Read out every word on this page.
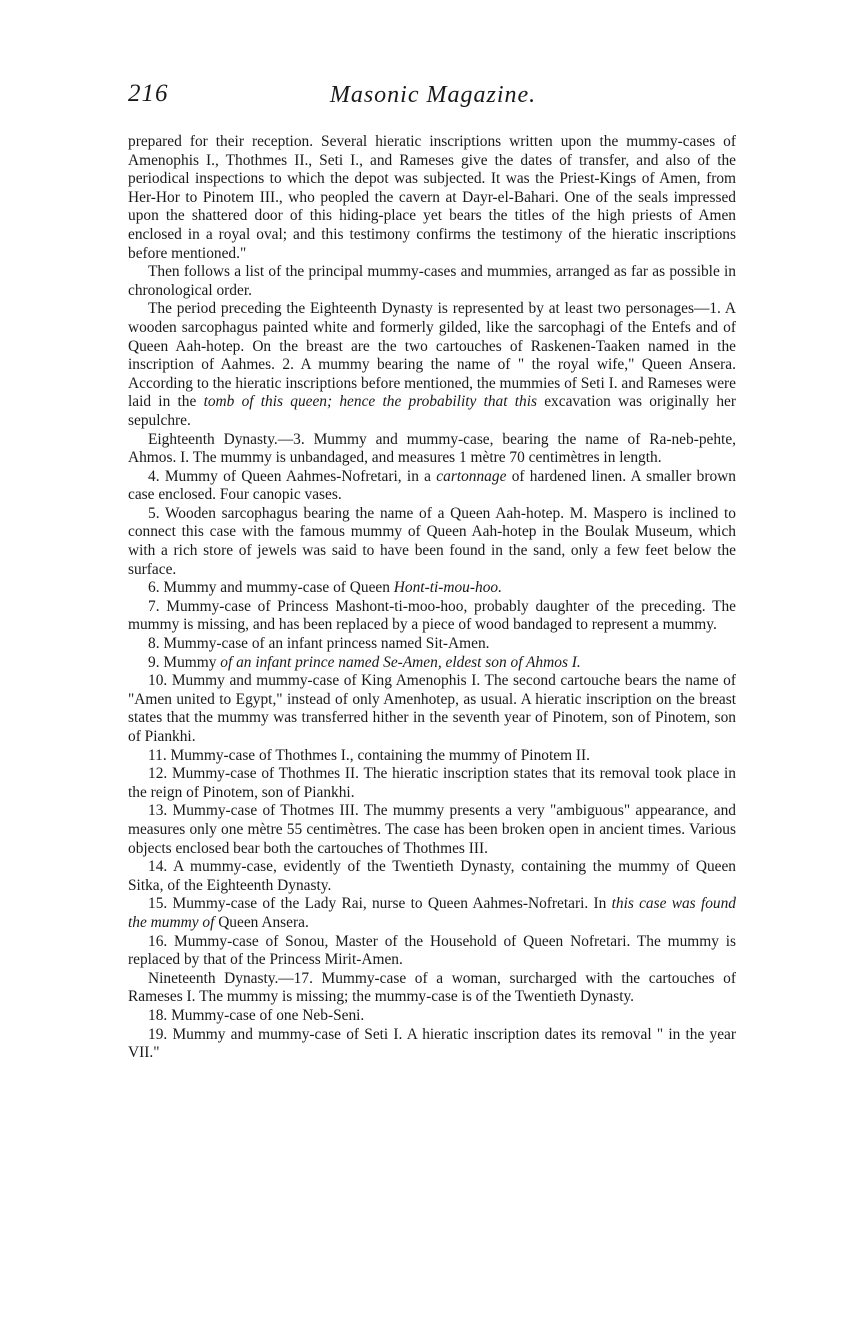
216	Masonic Magazine.

prepared for their reception. Several hieratic inscriptions written upon the mummy-cases of Amenophis I., Thothmes II., Seti I., and Rameses give the dates of transfer, and also of the periodical inspections to which the depot was subjected. It was the Priest-Kings of Amen, from Her-Hor to Pinotem III., who peopled the cavern at Dayr-el-Bahari. One of the seals impressed upon the shattered door of this hiding-place yet bears the titles of the high priests of Amen enclosed in a royal oval; and this testimony confirms the testimony of the hieratic inscriptions before mentioned."

Then follows a list of the principal mummy-cases and mummies, arranged as far as possible in chronological order.

The period preceding the Eighteenth Dynasty is represented by at least two personages—1. A wooden sarcophagus painted white and formerly gilded, like the sarcophagi of the Entefs and of Queen Aah-hotep. On the breast are the two cartouches of Raskenen-Taaken named in the inscription of Aahmes. 2. A mummy bearing the name of " the royal wife," Queen Ansera. According to the hieratic inscriptions before mentioned, the mummies of Seti I. and Rameses were laid in the tomb of this queen; hence the probability that this excavation was originally her sepulchre.

Eighteenth Dynasty.—3. Mummy and mummy-case, bearing the name of Ra-neb-pehte, Ahmos. I. The mummy is unbandaged, and measures 1 mètre 70 centimètres in length.

4. Mummy of Queen Aahmes-Nofretari, in a cartonnage of hardened linen. A smaller brown case enclosed. Four canopic vases.

5. Wooden sarcophagus bearing the name of a Queen Aah-hotep. M. Maspero is inclined to connect this case with the famous mummy of Queen Aah-hotep in the Boulak Museum, which with a rich store of jewels was said to have been found in the sand, only a few feet below the surface.

6. Mummy and mummy-case of Queen Hont-ti-mou-hoo.

7. Mummy-case of Princess Mashont-ti-moo-hoo, probably daughter of the preceding. The mummy is missing, and has been replaced by a piece of wood bandaged to represent a mummy.

8. Mummy-case of an infant princess named Sit-Amen.

9. Mummy of an infant prince named Se-Amen, eldest son of Ahmos I.

10. Mummy and mummy-case of King Amenophis I. The second cartouche bears the name of "Amen united to Egypt," instead of only Amenhotep, as usual. A hieratic inscription on the breast states that the mummy was transferred hither in the seventh year of Pinotem, son of Pinotem, son of Piankhi.

11. Mummy-case of Thothmes I., containing the mummy of Pinotem II.

12. Mummy-case of Thothmes II. The hieratic inscription states that its removal took place in the reign of Pinotem, son of Piankhi.

13. Mummy-case of Thotmes III. The mummy presents a very "ambiguous" appearance, and measures only one mètre 55 centimètres. The case has been broken open in ancient times. Various objects enclosed bear both the cartouches of Thothmes III.

14. A mummy-case, evidently of the Twentieth Dynasty, containing the mummy of Queen Sitka, of the Eighteenth Dynasty.

15. Mummy-case of the Lady Rai, nurse to Queen Aahmes-Nofretari. In this case was found the mummy of Queen Ansera.

16. Mummy-case of Sonou, Master of the Household of Queen Nofretari. The mummy is replaced by that of the Princess Mirit-Amen.

Nineteenth Dynasty.—17. Mummy-case of a woman, surcharged with the cartouches of Rameses I. The mummy is missing; the mummy-case is of the Twentieth Dynasty.

18. Mummy-case of one Neb-Seni.

19. Mummy and mummy-case of Seti I. A hieratic inscription dates its removal " in the year VII."
